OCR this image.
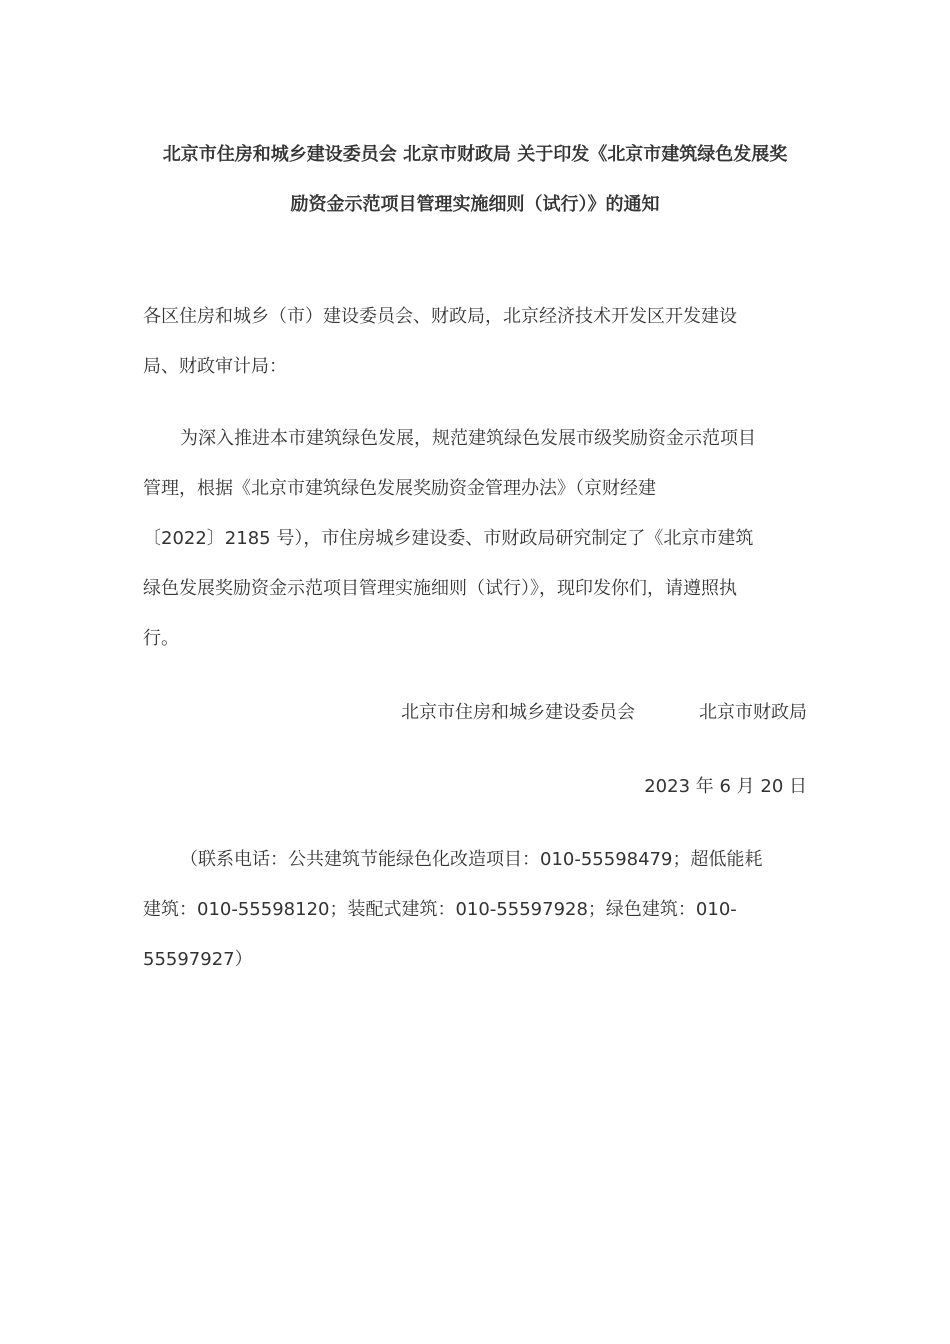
北京市住房和城乡建设委员会 北京市财政局 关于印发《北京市建筑绿色发展奖
励资金示范项目管理实施细则（试行）》的通知
各区住房和城乡（市）建设委员会、财政局，北京经济技术开发区开发建设
局、财政审计局：
为深入推进本市建筑绿色发展，规范建筑绿色发展市级奖励资金示范项目
管理，根据《北京市建筑绿色发展奖励资金管理办法》（京财经建
〔2022〕2185 号），市住房城乡建设委、市财政局研究制定了《北京市建筑
绿色发展奖励资金示范项目管理实施细则（试行）》，现印发你们，请遵照执
行。
北京市住房和城乡建设委员会	北京市财政局
2023 年 6 月 20 日
（联系电话：公共建筑节能绿色化改造项目：010-55598479；超低能耗
建筑：010-55598120；装配式建筑：010-55597928；绿色建筑：010-
55597927）
